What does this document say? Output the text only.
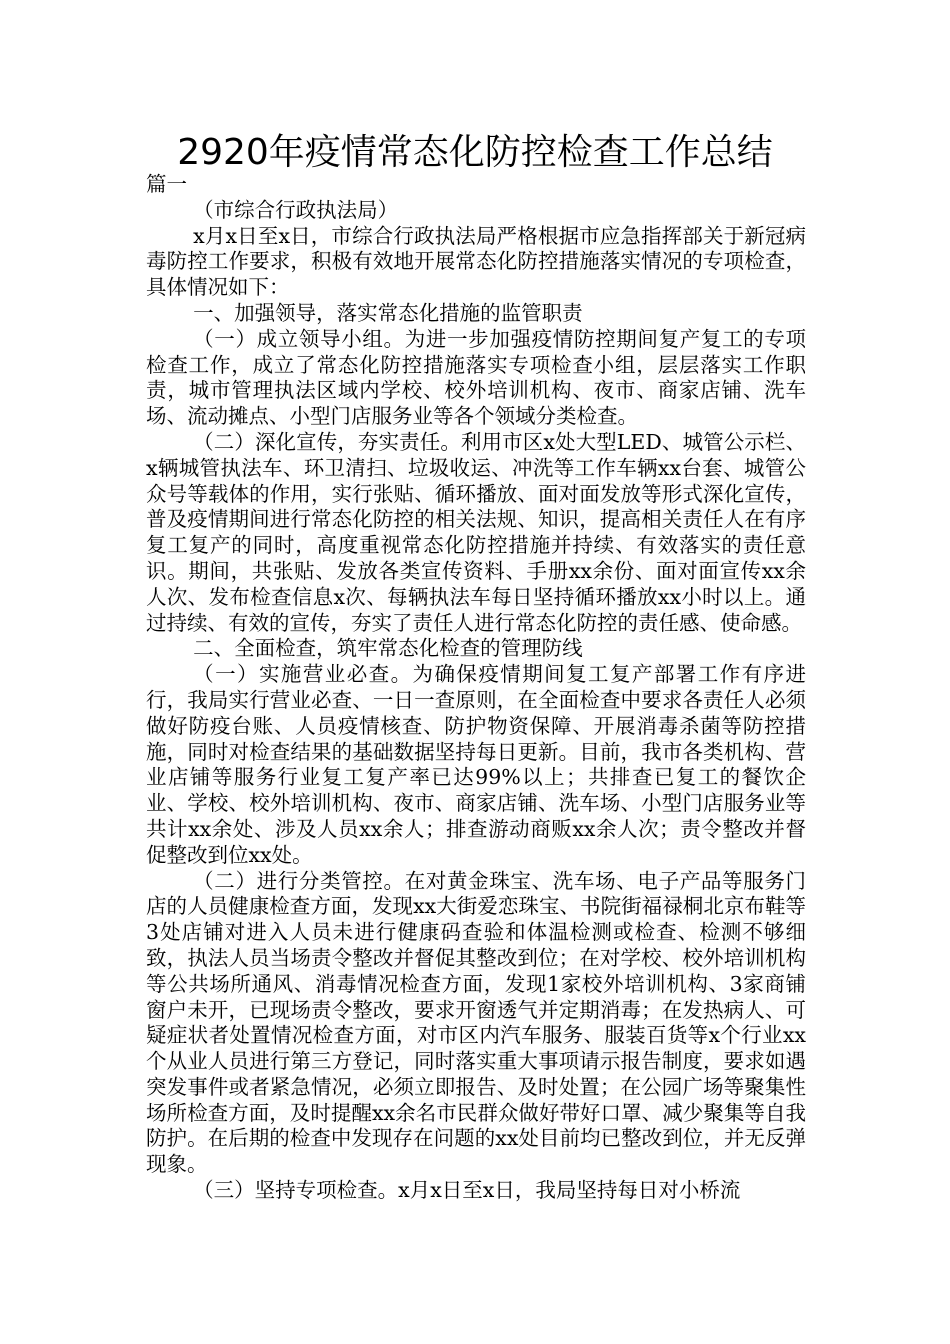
2920年疫情常态化防控检查工作总结

篇一

（市综合行政执法局）

x月x日至x日，市综合行政执法局严格根据市应急指挥部关于新冠病毒防控工作要求，积极有效地开展常态化防控措施落实情况的专项检查，具体情况如下：

一、加强领导，落实常态化措施的监管职责

（一）成立领导小组。为进一步加强疫情防控期间复产复工的专项检查工作，成立了常态化防控措施落实专项检查小组，层层落实工作职责，城市管理执法区域内学校、校外培训机构、夜市、商家店铺、洗车场、流动摊点、小型门店服务业等各个领域分类检查。

（二）深化宣传，夯实责任。利用市区x处大型LED、城管公示栏、x辆城管执法车、环卫清扫、垃圾收运、冲洗等工作车辆xx台套、城管公众号等载体的作用，实行张贴、循环播放、面对面发放等形式深化宣传，普及疫情期间进行常态化防控的相关法规、知识，提高相关责任人在有序复工复产的同时，高度重视常态化防控措施并持续、有效落实的责任意识。期间，共张贴、发放各类宣传资料、手册xx余份、面对面宣传xx余人次、发布检查信息x次、每辆执法车每日坚持循环播放xx小时以上。通过持续、有效的宣传，夯实了责任人进行常态化防控的责任感、使命感。

二、全面检查，筑牢常态化检查的管理防线

（一）实施营业必查。为确保疫情期间复工复产部署工作有序进行，我局实行营业必查、一日一查原则，在全面检查中要求各责任人必须做好防疫台账、人员疫情核查、防护物资保障、开展消毒杀菌等防控措施，同时对检查结果的基础数据坚持每日更新。目前，我市各类机构、营业店铺等服务行业复工复产率已达99%以上；共排查已复工的餐饮企业、学校、校外培训机构、夜市、商家店铺、洗车场、小型门店服务业等共计xx余处、涉及人员xx余人；排查游动商贩xx余人次；责令整改并督促整改到位xx处。

（二）进行分类管控。在对黄金珠宝、洗车场、电子产品等服务门店的人员健康检查方面，发现xx大街爱恋珠宝、书院街福禄桐北京布鞋等3处店铺对进入人员未进行健康码查验和体温检测或检查、检测不够细致，执法人员当场责令整改并督促其整改到位；在对学校、校外培训机构等公共场所通风、消毒情况检查方面，发现1家校外培训机构、3家商铺窗户未开，已现场责令整改，要求开窗透气并定期消毒；在发热病人、可疑症状者处置情况检查方面，对市区内汽车服务、服装百货等x个行业xx个从业人员进行第三方登记，同时落实重大事项请示报告制度，要求如遇突发事件或者紧急情况，必须立即报告、及时处置；在公园广场等聚集性场所检查方面，及时提醒xx余名市民群众做好带好口罩、减少聚集等自我防护。在后期的检查中发现存在问题的xx处目前均已整改到位，并无反弹现象。

（三）坚持专项检查。x月x日至x日，我局坚持每日对小桥流
